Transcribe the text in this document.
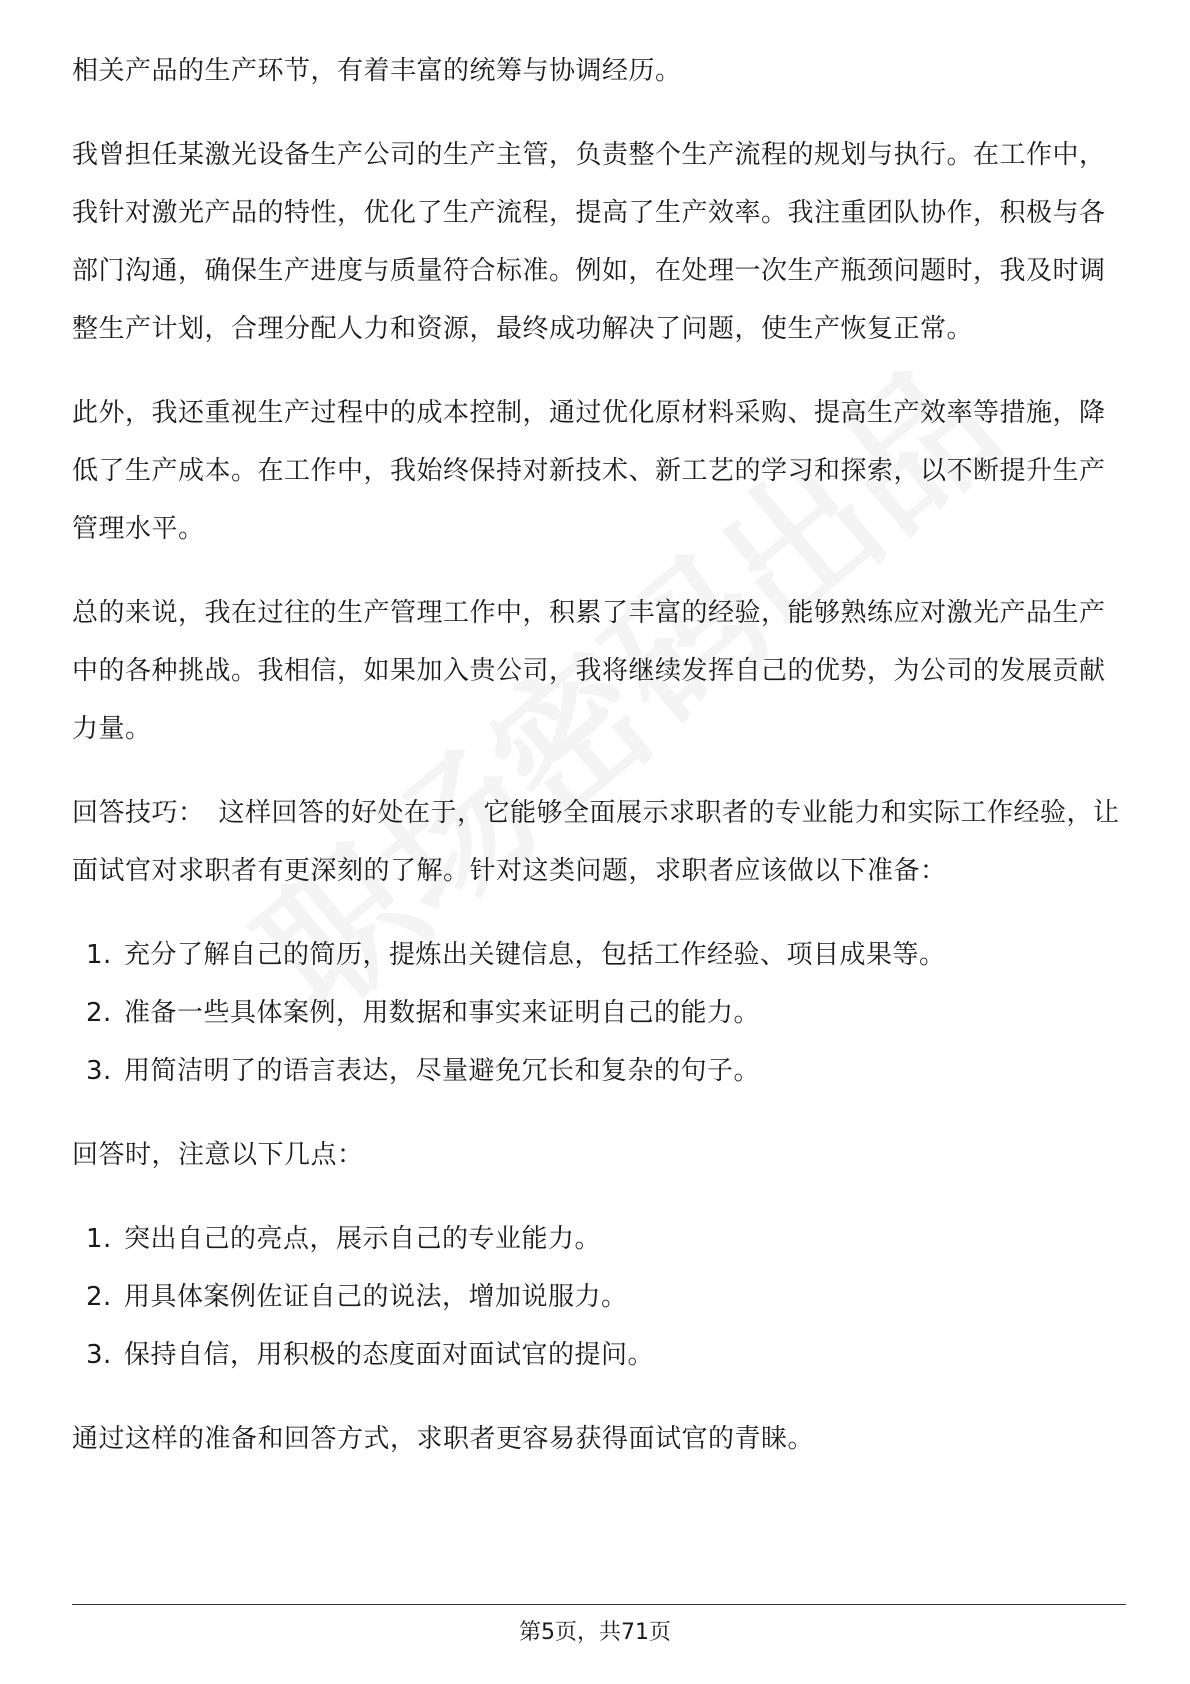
相关产品的生产环节，有着丰富的统筹与协调经历。

我曾担任某激光设备生产公司的生产主管，负责整个生产流程的规划与执行。在工作中，我针对激光产品的特性，优化了生产流程，提高了生产效率。我注重团队协作，积极与各部门沟通，确保生产进度与质量符合标准。例如，在处理一次生产瓶颈问题时，我及时调整生产计划，合理分配人力和资源，最终成功解决了问题，使生产恢复正常。

此外，我还重视生产过程中的成本控制，通过优化原材料采购、提高生产效率等措施，降低了生产成本。在工作中，我始终保持对新技术、新工艺的学习和探索，以不断提升生产管理水平。

总的来说，我在过往的生产管理工作中，积累了丰富的经验，能够熟练应对激光产品生产中的各种挑战。我相信，如果加入贵公司，我将继续发挥自己的优势，为公司的发展贡献力量。

回答技巧： 这样回答的好处在于，它能够全面展示求职者的专业能力和实际工作经验，让面试官对求职者有更深刻的了解。针对这类问题，求职者应该做以下准备：

1. 充分了解自己的简历，提炼出关键信息，包括工作经验、项目成果等。
2. 准备一些具体案例，用数据和事实来证明自己的能力。
3. 用简洁明了的语言表达，尽量避免冗长和复杂的句子。

回答时，注意以下几点：

1. 突出自己的亮点，展示自己的专业能力。
2. 用具体案例佐证自己的说法，增加说服力。
3. 保持自信，用积极的态度面对面试官的提问。

通过这样的准备和回答方式，求职者更容易获得面试官的青睐。

第5页，共71页
